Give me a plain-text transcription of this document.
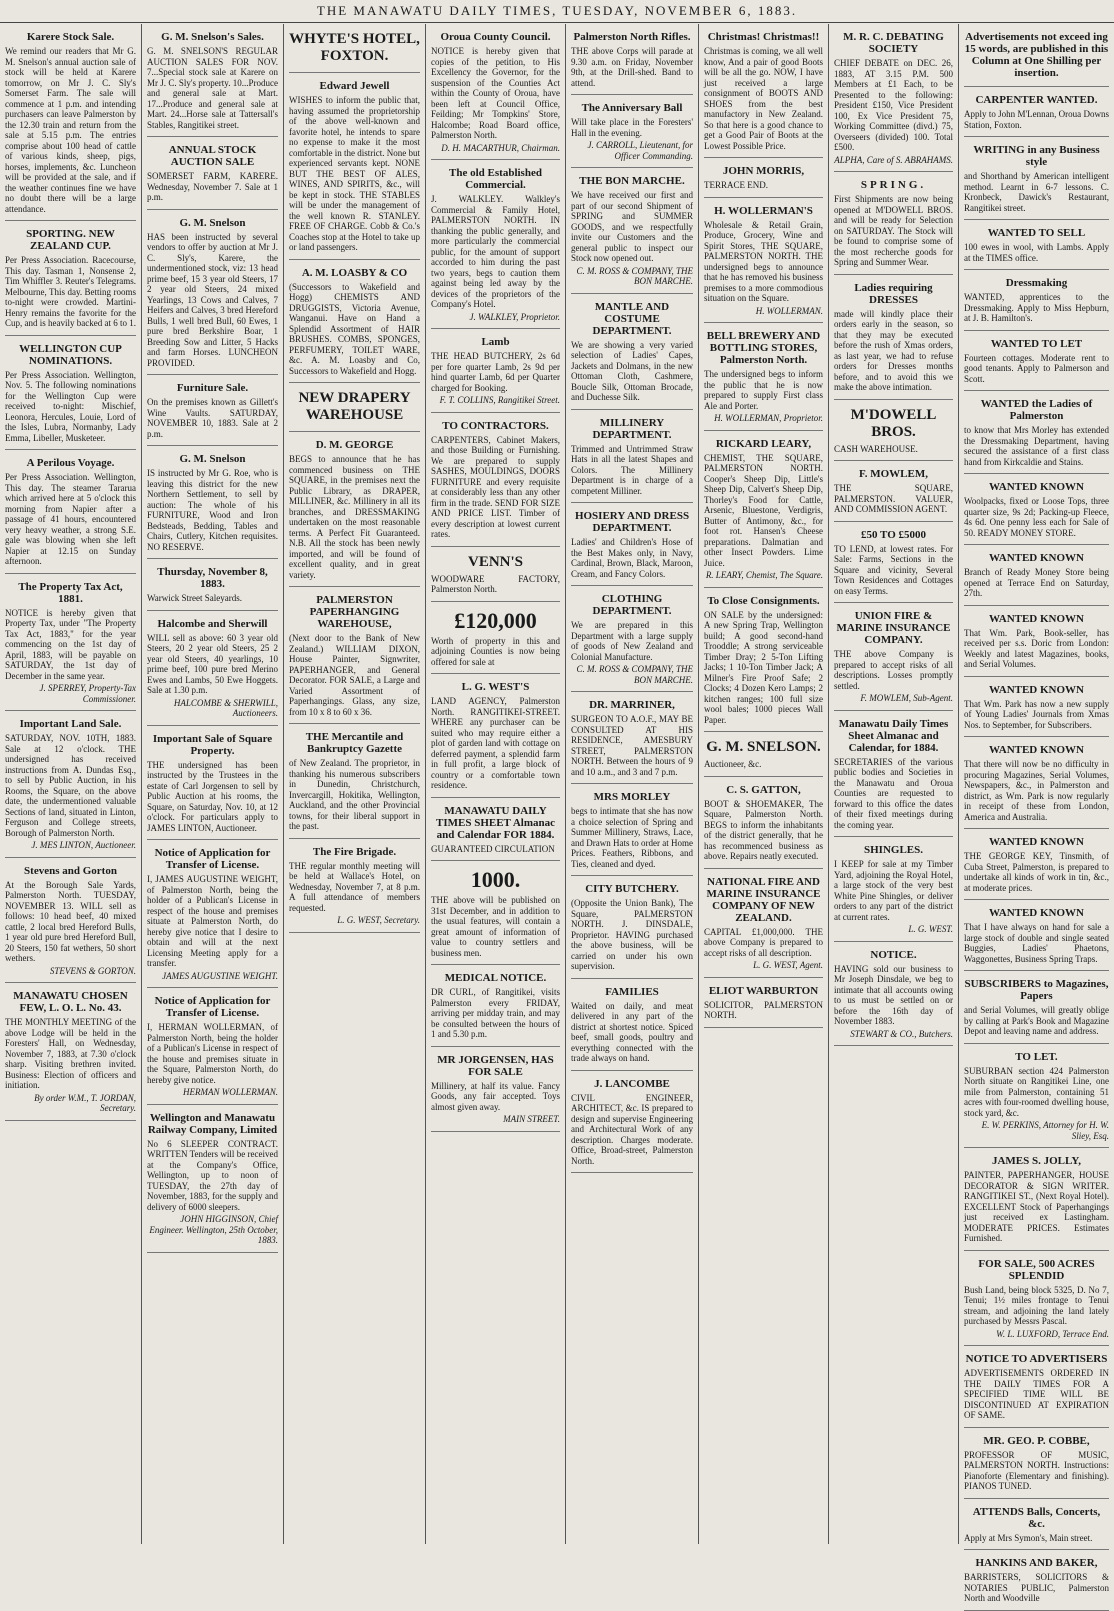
THE MANAWATU DAILY TIMES, TUESDAY, NOVEMBER 6, 1883.
Karere Stock Sale.

We remind our readers that Mr G. M. Snelson's annual auction sale of stock will be held at Karere tomorrow, on Mr J. C. Sly's Somerset Farm. The sale will commence at 1 p.m. and intending purchasers can leave Palmerston by the 12.30 train and return from the sale at 5.15 p.m. The entries comprise about 100 head of cattle of various kinds, sheep, pigs, horses, implements, &c. Luncheon will be provided at the sale, and if the weather continues fine we have no doubt there will be a large attendance.

SPORTING. NEW ZEALAND CUP.

Per Press Association. Racecourse, This day. Tasman 1, Nonsense 2, Tim Whiffler 3. Reuter's Telegrams. Melbourne, This day. Betting rooms to-night were crowded. Martini-Henry remains the favorite for the Cup, and is heavily backed at 6 to 1.

WELLINGTON CUP NOMINATIONS.

Per Press Association. Wellington, Nov. 5. The following nominations for the Wellington Cup were received to-night: Mischief, Leonora, Hercules, Louie, Lord of the Isles, Lubra, Normanby, Lady Emma, Libeller, Musketeer.

A Perilous Voyage.

Per Press Association. Wellington, This day. The steamer Tararua which arrived here at 5 o'clock this morning from Napier after a passage of 41 hours, encountered very heavy weather, a strong S.E. gale was blowing when she left Napier at 12.15 on Sunday afternoon.

The Property Tax Act, 1881.

NOTICE is hereby given that Property Tax, under "The Property Tax Act, 1883," for the year commencing on the 1st day of April, 1883, will be payable on SATURDAY, the 1st day of December in the same year.

J. SPERREY, Property-Tax Commissioner.

Important Land Sale.

SATURDAY, NOV. 10TH, 1883. Sale at 12 o'clock. THE undersigned has received instructions from A. Dundas Esq., to sell by Public Auction, in his Rooms, the Square, on the above date, the undermentioned valuable Sections of land, situated in Linton, Ferguson and College streets, Borough of Palmerston North.

J. MES LINTON, Auctioneer.

Stevens and Gorton

At the Borough Sale Yards, Palmerston North. TUESDAY, NOVEMBER 13. WILL sell as follows: 10 head beef, 40 mixed cattle, 2 local bred Hereford Bulls, 1 year old pure bred Hereford Bull, 20 Steers, 150 fat wethers, 50 short wethers.

STEVENS & GORTON.

MANAWATU CHOSEN FEW, L. O. L. No. 43.

THE MONTHLY MEETING of the above Lodge will be held in the Foresters' Hall, on Wednesday, November 7, 1883, at 7.30 o'clock sharp. Visiting brethren invited. Business: Election of officers and initiation.

By order W.M., T. JORDAN, Secretary.

G. M. Snelson's Sales.

G. M. SNELSON'S REGULAR AUCTION SALES FOR NOV. 7...Special stock sale at Karere on Mr J. C. Sly's property. 10...Produce and general sale at Mart. 17...Produce and general sale at Mart. 24...Horse sale at Tattersall's Stables, Rangitikei street.

ANNUAL STOCK AUCTION SALE

SOMERSET FARM, KARERE. Wednesday, November 7. Sale at 1 p.m.

G. M. Snelson

HAS been instructed by several vendors to offer by auction at Mr J. C. Sly's, Karere, the undermentioned stock, viz: 13 head prime beef, 15 3 year old Steers, 17 2 year old Steers, 24 mixed Yearlings, 13 Cows and Calves, 7 Heifers and Calves, 3 bred Hereford Bulls, 1 well bred Bull, 60 Ewes, 1 pure bred Berkshire Boar, 1 Breeding Sow and Litter, 5 Hacks and farm Horses. LUNCHEON PROVIDED.

Furniture Sale.

On the premises known as Gillett's Wine Vaults. SATURDAY, NOVEMBER 10, 1883. Sale at 2 p.m.

G. M. Snelson

IS instructed by Mr G. Roe, who is leaving this district for the new Northern Settlement, to sell by auction: The whole of his FURNITURE, Wood and Iron Bedsteads, Bedding, Tables and Chairs, Cutlery, Kitchen requisites. NO RESERVE.

Thursday, November 8, 1883.

Warwick Street Saleyards.

Halcombe and Sherwill

WILL sell as above: 60 3 year old Steers, 20 2 year old Steers, 25 2 year old Steers, 40 yearlings, 10 prime beef, 100 pure bred Merino Ewes and Lambs, 50 Ewe Hoggets. Sale at 1.30 p.m.

HALCOMBE & SHERWILL, Auctioneers.

Important Sale of Square Property.

THE undersigned has been instructed by the Trustees in the estate of Carl Jorgensen to sell by Public Auction at his rooms, the Square, on Saturday, Nov. 10, at 12 o'clock. For particulars apply to JAMES LINTON, Auctioneer.

Notice of Application for Transfer of License.

I, JAMES AUGUSTINE WEIGHT, of Palmerston North, being the holder of a Publican's License in respect of the house and premises situate at Palmerston North, do hereby give notice that I desire to obtain and will at the next Licensing Meeting apply for a transfer.

JAMES AUGUSTINE WEIGHT.

Notice of Application for Transfer of License.

I, HERMAN WOLLERMAN, of Palmerston North, being the holder of a Publican's License in respect of the house and premises situate in the Square, Palmerston North, do hereby give notice.

HERMAN WOLLERMAN.

Wellington and Manawatu Railway Company, Limited

No 6 SLEEPER CONTRACT. WRITTEN Tenders will be received at the Company's Office, Wellington, up to noon of TUESDAY, the 27th day of November, 1883, for the supply and delivery of 6000 sleepers.

JOHN HIGGINSON, Chief Engineer. Wellington, 25th October, 1883.

WHYTE'S HOTEL, FOXTON.
Edward Jewell

WISHES to inform the public that, having assumed the proprietorship of the above well-known and favorite hotel, he intends to spare no expense to make it the most comfortable in the district. None but experienced servants kept. NONE BUT THE BEST OF ALES, WINES, AND SPIRITS, &c., will be kept in stock. THE STABLES will be under the management of the well known R. STANLEY. FREE OF CHARGE. Cobb & Co.'s Coaches stop at the Hotel to take up or land passengers.

A. M. LOASBY & CO

(Successors to Wakefield and Hogg) CHEMISTS AND DRUGGISTS, Victoria Avenue, Wanganui. Have on Hand a Splendid Assortment of HAIR BRUSHES. COMBS, SPONGES, PERFUMERY, TOILET WARE, &c. A. M. Loasby and Co, Successors to Wakefield and Hogg.

NEW DRAPERY WAREHOUSE
D. M. GEORGE

BEGS to announce that he has commenced business on THE SQUARE, in the premises next the Public Library, as DRAPER, MILLINER, &c. Millinery in all its branches, and DRESSMAKING undertaken on the most reasonable terms. A Perfect Fit Guaranteed. N.B. All the stock has been newly imported, and will be found of excellent quality, and in great variety.

PALMERSTON PAPERHANGING WAREHOUSE,

(Next door to the Bank of New Zealand.) WILLIAM DIXON, House Painter, Signwriter, PAPERHANGER, and General Decorator. FOR SALE, a Large and Varied Assortment of Paperhangings. Glass, any size, from 10 x 8 to 60 x 36.

THE Mercantile and Bankruptcy Gazette

of New Zealand. The proprietor, in thanking his numerous subscribers in Dunedin, Christchurch, Invercargill, Hokitika, Wellington, Auckland, and the other Provincial towns, for their liberal support in the past.

The Fire Brigade.

THE regular monthly meeting will be held at Wallace's Hotel, on Wednesday, November 7, at 8 p.m. A full attendance of members requested.

L. G. WEST, Secretary.

Oroua County Council.

NOTICE is hereby given that copies of the petition, to His Excellency the Governor, for the suspension of the Counties Act within the County of Oroua, have been left at Council Office, Feilding; Mr Tompkins' Store, Halcombe; Road Board office, Palmerston North.

D. H. MACARTHUR, Chairman.

The old Established Commercial.

J. WALKLEY. Walkley's Commercial & Family Hotel, PALMERSTON NORTH. IN thanking the public generally, and more particularly the commercial public, for the amount of support accorded to him during the past two years, begs to caution them against being led away by the devices of the proprietors of the Company's Hotel.

J. WALKLEY, Proprietor.

Lamb

THE HEAD BUTCHERY, 2s 6d per fore quarter Lamb, 2s 9d per hind quarter Lamb, 6d per Quarter charged for Booking.

F. T. COLLINS, Rangitikei Street.

TO CONTRACTORS.

CARPENTERS, Cabinet Makers, and those Building or Furnishing. We are prepared to supply SASHES, MOULDINGS, DOORS FURNITURE and every requisite at considerably less than any other firm in the trade. SEND FOR SIZE AND PRICE LIST. Timber of every description at lowest current rates.

VENN'S

WOODWARE FACTORY, Palmerston North.

£120,000

Worth of property in this and adjoining Counties is now being offered for sale at

L. G. WEST'S

LAND AGENCY, Palmerston North. RANGITIKEI-STREET. WHERE any purchaser can be suited who may require either a plot of garden land with cottage on deferred payment, a splendid farm in full profit, a large block of country or a comfortable town residence.

MANAWATU DAILY TIMES SHEET Almanac and Calendar FOR 1884.

GUARANTEED CIRCULATION

1000.

THE above will be published on 31st December, and in addition to the usual features, will contain a great amount of information of value to country settlers and business men.

MEDICAL NOTICE.

DR CURL, of Rangitikei, visits Palmerston every FRIDAY, arriving per midday train, and may be consulted between the hours of 1 and 5.30 p.m.

MR JORGENSEN, HAS FOR SALE

Millinery, at half its value. Fancy Goods, any fair accepted. Toys almost given away.

MAIN STREET.

Palmerston North Rifles.

THE above Corps will parade at 9.30 a.m. on Friday, November 9th, at the Drill-shed. Band to attend.

The Anniversary Ball

Will take place in the Foresters' Hall in the evening.

J. CARROLL, Lieutenant, for Officer Commanding.

THE BON MARCHE.

We have received our first and part of our second Shipment of SPRING and SUMMER GOODS, and we respectfully invite our Customers and the general public to inspect our Stock now opened out.

C. M. ROSS & COMPANY, THE BON MARCHE.

MANTLE AND COSTUME DEPARTMENT.

We are showing a very varied selection of Ladies' Capes, Jackets and Dolmans, in the new Ottoman Cloth, Cashmere, Boucle Silk, Ottoman Brocade, and Duchesse Silk.

MILLINERY DEPARTMENT.

Trimmed and Untrimmed Straw Hats in all the latest Shapes and Colors. The Millinery Department is in charge of a competent Milliner.

HOSIERY AND DRESS DEPARTMENT.

Ladies' and Children's Hose of the Best Makes only, in Navy, Cardinal, Brown, Black, Maroon, Cream, and Fancy Colors.

CLOTHING DEPARTMENT.

We are prepared in this Department with a large supply of goods of New Zealand and Colonial Manufacture.

C. M. ROSS & COMPANY, THE BON MARCHE.

DR. MARRINER,

SURGEON TO A.O.F., MAY BE CONSULTED AT HIS RESIDENCE, AMESBURY STREET, PALMERSTON NORTH. Between the hours of 9 and 10 a.m., and 3 and 7 p.m.

MRS MORLEY

begs to intimate that she has now a choice selection of Spring and Summer Millinery, Straws, Lace, and Drawn Hats to order at Home Prices. Feathers, Ribbons, and Ties, cleaned and dyed.

CITY BUTCHERY.

(Opposite the Union Bank), The Square, PALMERSTON NORTH. J. DINSDALE, Proprietor. HAVING purchased the above business, will be carried on under his own supervision.

FAMILIES

Waited on daily, and meat delivered in any part of the district at shortest notice. Spiced beef, small goods, poultry and everything connected with the trade always on hand.

J. LANCOMBE

CIVIL ENGINEER, ARCHITECT, &c. IS prepared to design and supervise Engineering and Architectural Work of any description. Charges moderate. Office, Broad-street, Palmerston North.

Christmas! Christmas!!

Christmas is coming, we all well know, And a pair of good Boots will be all the go. NOW, I have just received a large consignment of BOOTS AND SHOES from the best manufactory in New Zealand. So that here is a good chance to get a Good Pair of Boots at the Lowest Possible Price.

JOHN MORRIS,

TERRACE END.

H. WOLLERMAN'S

Wholesale & Retail Grain, Produce, Grocery, Wine and Spirit Stores, THE SQUARE, PALMERSTON NORTH. THE undersigned begs to announce that he has removed his business premises to a more commodious situation on the Square.

H. WOLLERMAN.

BELL BREWERY AND BOTTLING STORES, Palmerston North.

The undersigned begs to inform the public that he is now prepared to supply First class Ale and Porter.

H. WOLLERMAN, Proprietor.

RICKARD LEARY,

CHEMIST, THE SQUARE, PALMERSTON NORTH. Cooper's Sheep Dip, Little's Sheep Dip, Calvert's Sheep Dip, Thorley's Food for Cattle, Arsenic, Bluestone, Verdigris, Butter of Antimony, &c., for foot rot. Hansen's Cheese preparations. Dalmatian and other Insect Powders. Lime Juice.

R. LEARY, Chemist, The Square.

To Close Consignments.

ON SALE by the undersigned: A new Spring Trap, Wellington build; A good second-hand Trooddle; A strong serviceable Timber Dray; 2 5-Ton Lifting Jacks; 1 10-Ton Timber Jack; A Milner's Fire Proof Safe; 2 Clocks; 4 Dozen Kero Lamps; 2 kitchen ranges; 100 full size wool bales; 1000 pieces Wall Paper.

G. M. SNELSON.

Auctioneer, &c.

C. S. GATTON,

BOOT & SHOEMAKER, The Square, Palmerston North. BEGS to inform the inhabitants of the district generally, that he has recommenced business as above. Repairs neatly executed.

NATIONAL FIRE AND MARINE INSURANCE COMPANY OF NEW ZEALAND.

CAPITAL £1,000,000. THE above Company is prepared to accept risks of all description.

L. G. WEST, Agent.

ELIOT WARBURTON

SOLICITOR, PALMERSTON NORTH.

M. R. C. DEBATING SOCIETY

CHIEF DEBATE on DEC. 26, 1883, AT 3.15 P.M. 500 Members at £1 Each, to be Presented to the following: President £150, Vice President 100, Ex Vice President 75, Working Committee (divd.) 75, Overseers (divided) 100. Total £500.

ALPHA, Care of S. ABRAHAMS.

SPRING.

First Shipments are now being opened at M'DOWELL BROS. and will be ready for Selection on SATURDAY. The Stock will be found to comprise some of the most recherche goods for Spring and Summer Wear.

Ladies requiring DRESSES

made will kindly place their orders early in the season, so that they may be executed before the rush of Xmas orders, as last year, we had to refuse orders for Dresses months before, and to avoid this we make the above intimation.

M'DOWELL BROS.

CASH WAREHOUSE.

F. MOWLEM,

THE SQUARE, PALMERSTON. VALUER, AND COMMISSION AGENT.

£50 TO £5000

TO LEND, at lowest rates. For Sale: Farms, Sections in the Square and vicinity, Several Town Residences and Cottages on easy Terms.

UNION FIRE & MARINE INSURANCE COMPANY.

THE above Company is prepared to accept risks of all descriptions. Losses promptly settled.

F. MOWLEM, Sub-Agent.

Manawatu Daily Times Sheet Almanac and Calendar, for 1884.

SECRETARIES of the various public bodies and Societies in the Manawatu and Oroua Counties are requested to forward to this office the dates of their fixed meetings during the coming year.

SHINGLES.

I KEEP for sale at my Timber Yard, adjoining the Royal Hotel, a large stock of the very best White Pine Shingles, or deliver orders to any part of the district at current rates.

L. G. WEST.

NOTICE.

HAVING sold our business to Mr Joseph Dinsdale, we beg to intimate that all accounts owing to us must be settled on or before the 16th day of November 1883.

STEWART & CO., Butchers.

Advertisements not exceed ing 15 words, are published in this Column at One Shilling per insertion.
CARPENTER WANTED.

Apply to John M'Lennan, Oroua Downs Station, Foxton.

WRITING in any Business style

and Shorthand by American intelligent method. Learnt in 6-7 lessons. C. Kronbeck, Dawick's Restaurant, Rangitikei street.

WANTED TO SELL

100 ewes in wool, with Lambs. Apply at the TIMES office.

Dressmaking

WANTED, apprentices to the Dressmaking. Apply to Miss Hepburn, at J. B. Hamilton's.

WANTED TO LET

Fourteen cottages. Moderate rent to good tenants. Apply to Palmerson and Scott.

WANTED the Ladies of Palmerston

to know that Mrs Morley has extended the Dressmaking Department, having secured the assistance of a first class hand from Kirkcaldie and Stains.

WANTED KNOWN

Woolpacks, fixed or Loose Tops, three quarter size, 9s 2d; Packing-up Fleece, 4s 6d. One penny less each for Sale of 50. READY MONEY STORE.

WANTED KNOWN

Branch of Ready Money Store being opened at Terrace End on Saturday, 27th.

WANTED KNOWN

That Wm. Park, Book-seller, has received per s.s. Doric from London: Weekly and latest Magazines, books, and Serial Volumes.

WANTED KNOWN

That Wm. Park has now a new supply of Young Ladies' Journals from Xmas Nos. to September, for Subscribers.

WANTED KNOWN

That there will now be no difficulty in procuring Magazines, Serial Volumes, Newspapers, &c., in Palmerston and district, as Wm. Park is now regularly in receipt of these from London, America and Australia.

WANTED KNOWN

THE GEORGE KEY, Tinsmith, of Cuba Street, Palmerston, is prepared to undertake all kinds of work in tin, &c., at moderate prices.

WANTED KNOWN

That I have always on hand for sale a large stock of double and single seated Buggies, Ladies' Phaetons, Waggonettes, Business Spring Traps.

SUBSCRIBERS to Magazines, Papers

and Serial Volumes, will greatly oblige by calling at Park's Book and Magazine Depot and leaving name and address.

TO LET.

SUBURBAN section 424 Palmerston North situate on Rangitikei Line, one mile from Palmerston, containing 51 acres with four-roomed dwelling house, stock yard, &c.

E. W. PERKINS, Attorney for H. W. Sliey, Esq.

JAMES S. JOLLY,

PAINTER, PAPERHANGER, HOUSE DECORATOR & SIGN WRITER. RANGITIKEI ST., (Next Royal Hotel). EXCELLENT Stock of Paperhangings just received ex Lastingham. MODERATE PRICES. Estimates Furnished.

FOR SALE, 500 ACRES SPLENDID

Bush Land, being block 5325, D. No 7, Tenui; 1½ miles frontage to Tenui stream, and adjoining the land lately purchased by Messrs Pascal.

W. L. LUXFORD, Terrace End.

NOTICE TO ADVERTISERS

ADVERTISEMENTS ORDERED IN THE DAILY TIMES FOR A SPECIFIED TIME WILL BE DISCONTINUED AT EXPIRATION OF SAME.

MR. GEO. P. COBBE,

PROFESSOR OF MUSIC, PALMERSTON NORTH. Instructions: Pianoforte (Elementary and finishing). PIANOS TUNED.

ATTENDS Balls, Concerts, &c.

Apply at Mrs Symon's, Main street.

HANKINS AND BAKER,

BARRISTERS, SOLICITORS & NOTARIES PUBLIC, Palmerston North and Woodville
